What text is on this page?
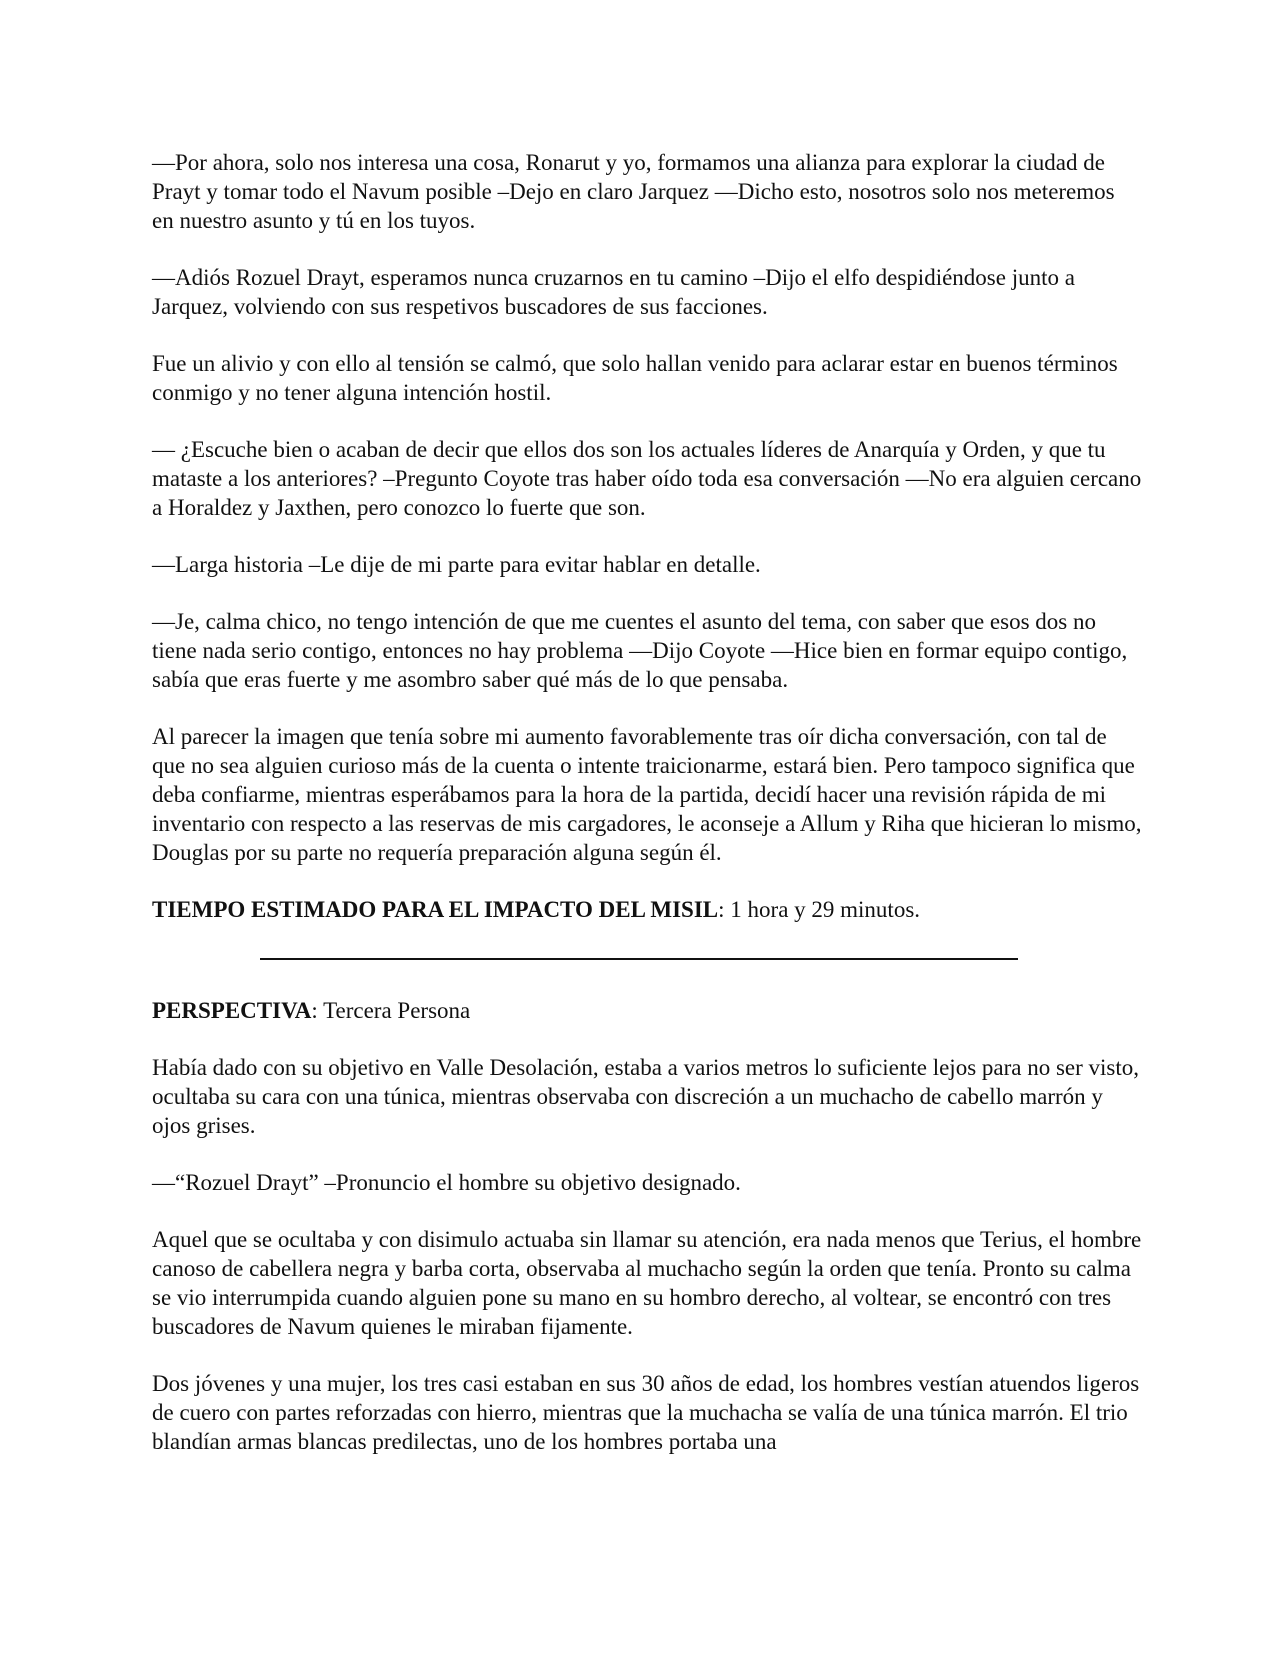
—Por ahora, solo nos interesa una cosa, Ronarut y yo, formamos una alianza para explorar la ciudad de Prayt y tomar todo el Navum posible –Dejo en claro Jarquez —Dicho esto, nosotros solo nos meteremos en nuestro asunto y tú en los tuyos.

—Adiós Rozuel Drayt, esperamos nunca cruzarnos en tu camino –Dijo el elfo despidiéndose junto a Jarquez, volviendo con sus respetivos buscadores de sus facciones.

Fue un alivio y con ello al tensión se calmó, que solo hallan venido para aclarar estar en buenos términos conmigo y no tener alguna intención hostil.

— ¿Escuche bien o acaban de decir que ellos dos son los actuales líderes de Anarquía y Orden, y que tu mataste a los anteriores? –Pregunto Coyote tras haber oído toda esa conversación —No era alguien cercano a Horaldez y Jaxthen, pero conozco lo fuerte que son.

—Larga historia –Le dije de mi parte para evitar hablar en detalle.

—Je, calma chico, no tengo intención de que me cuentes el asunto del tema, con saber que esos dos no tiene nada serio contigo, entonces no hay problema —Dijo Coyote —Hice bien en formar equipo contigo, sabía que eras fuerte y me asombro saber qué más de lo que pensaba.

Al parecer la imagen que tenía sobre mi aumento favorablemente tras oír dicha conversación, con tal de que no sea alguien curioso más de la cuenta o intente traicionarme, estará bien. Pero tampoco significa que deba confiarme, mientras esperábamos para la hora de la partida, decidí hacer una revisión rápida de mi inventario con respecto a las reservas de mis cargadores, le aconseje a Allum y Riha que hicieran lo mismo, Douglas por su parte no requería preparación alguna según él.

TIEMPO ESTIMADO PARA EL IMPACTO DEL MISIL: 1 hora y 29 minutos.

PERSPECTIVA: Tercera Persona

Había dado con su objetivo en Valle Desolación, estaba a varios metros lo suficiente lejos para no ser visto, ocultaba su cara con una túnica, mientras observaba con discreción a un muchacho de cabello marrón y ojos grises.

—“Rozuel Drayt” –Pronuncio el hombre su objetivo designado.

Aquel que se ocultaba y con disimulo actuaba sin llamar su atención, era nada menos que Terius, el hombre canoso de cabellera negra y barba corta, observaba al muchacho según la orden que tenía. Pronto su calma se vio interrumpida cuando alguien pone su mano en su hombro derecho, al voltear, se encontró con tres buscadores de Navum quienes le miraban fijamente.

Dos jóvenes y una mujer, los tres casi estaban en sus 30 años de edad, los hombres vestían atuendos ligeros de cuero con partes reforzadas con hierro, mientras que la muchacha se valía de una túnica marrón. El trio blandían armas blancas predilectas, uno de los hombres portaba una
